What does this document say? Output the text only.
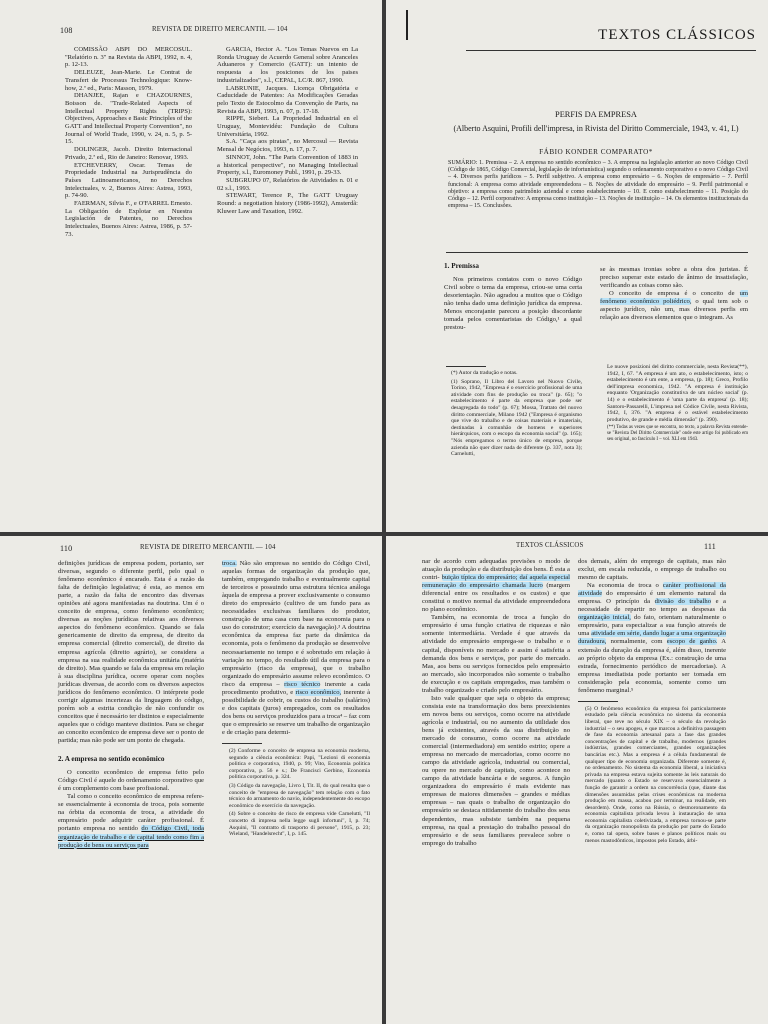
108	REVISTA DE DIREITO MERCANTIL — 104

COMISSÃO ABPI DO MERCOSUL. "Relatório n. 3" na Revista da ABPI, 1992, n. 4, p. 12-13.

DELEUZE, Jean-Marie. Le Contrat de Transfert de Processus Technologique: Know-how, 2.ª ed., Paris: Masson, 1979.

DHANJEE, Rajan e CHAZOURNES, Boisson de. "Trade-Related Aspects of Intellectual Property Rights (TRIPS): Objectives, Approaches e Basic Principles of the GATT and Intellectual Property Convention", no Journal of World Trade, 1990, v. 24, n. 5, p. 5-15.

DOLINGER, Jacob. Direito Internacional Privado, 2.ª ed., Rio de Janeiro: Renovar, 1993.

ETCHEVERRY, Oscar. Temas de Propriedade Industrial na Jurisprudência do Países Latinoamericanos, no Derechos Intelectuales, v. 2, Buenos Aires: Astrea, 1993, p. 74-90.

FAERMAN, Silvia F., e O'FARREL Ernesto. La Obligación de Explotar en Nuestra Legislación de Patentes, no Derechos Intelectuales, Buenos Aires: Astrea, 1986, p. 57-73.

GARCIA, Hector A. "Los Temas Nuevos en La Ronda Uruguay de Acuerdo General sobre Aranceles Aduaneros y Comercio (GATT): un intento de respuesta a los posiciones de los paises industrializados", s.l., CEPAL, LC/R. 867, 1990.

LABRUNIE, Jacques. Licença Obrigatória e Caducidade de Patentes: As Modificações Geradas pelo Texto de Estocolmo da Convenção de Paris, na Revista da ABPI, 1993, n. 07, p. 17-18.

RIPPE, Siebert. La Propriedad Industrial en el Uruguay, Montevidéu: Fundação de Cultura Universitária, 1992.

S.A. "Caça aos piratas", no Mercosul — Revista Mensal de Negócios, 1993, n. 17, p. 7.

SINNOT, John. "The Paris Convention of 1883 in a historical perspective", no Managing Intellectual Property, s.l., Euromoney Publ., 1991, p. 29-33.

SUBGRUPO 07, Relatórios de Atividades n. 01 e 02 s.l., 1993.

STEWART, Terence P., The GATT Uruguay Round: a negotiation history (1986-1992), Amsterdã: Kluwer Law and Taxation, 1992.

TEXTOS CLÁSSICOS
PERFIS DA EMPRESA
(Alberto Asquini, Profili dell'impresa, in Rivista del Diritto Commerciale, 1943, v. 41, I.)
FÁBIO KONDER COMPARATO*
SUMÁRIO: 1. Premissa – 2. A empresa no sentido econômico – 3. A empresa na legislação anterior ao novo Código Civil (Código de 1865, Código Comercial, legislação de infortunística) segundo o ordenamento corporativo e o novo Código Civil – 4. Diversos perfis jurídicos – 5. Perfil subjetivo. A empresa como empresário – 6. Noções de empresário – 7. Perfil funcional: A empresa como atividade empreendedora – 8. Noções de atividade do empresário – 9. Perfil patrimonial e objetivo: a empresa como patrimônio aziendal e como estabelecimento – 10. E como estabelecimento – 11. Posição do Código – 12. Perfil corporativo: A empresa como instituição – 13. Noções de instituição – 14. Os elementos institucionais da empresa – 15. Conclusões.
1. Premissa

Nos primeiros contatos com o novo Código Civil sobre o tema da empresa, criou-se uma certa desorientação. Não agradou a muitos que o Código não tenha dado uma definição jurídica da empresa. Menos encorajante pareceu a posição discordante tomada pelos comentaristas do Código,¹ a qual prestou-

se às mesmas ironias sobre a obra dos juristas. É preciso superar este estado de ânimo de insatisfação, verificando as coisas como são.

O conceito de empresa é o conceito de um fenômeno econômico poliédrico, o qual tem sob o aspecto jurídico, não um, mas diversos perfis em relação aos diversos elementos que o integram. As

(*) Autor da tradução e notas.

(1) Soprano, Il Libro del Lavoro nel Nuovo Civile, Torino, 1942, "Empresa é o exercício profissional de uma atividade com fins de produção ou troca" (p. 65); "o estabelecimento é parte da empresa que pode ser desagregada do todo" (p. 67); Mossa, Trattato del nuovo diritto commerciale, Milano 1942 ("Empresa é organismo que vive do trabalho e de coisas materiais e imateriais, destinadas à comunhão de homens e superiores hierárquicos, com o escopo da economia social" (p. 165); "Nós empregamos o termo único de empresa, porque azienda não quer dizer nada de diferente (p. 337, nota 3); Carnelutti,

Le nuove posizioni del diritto commerciale, nesta Revista(**), 1942, I, 67. "A empresa é um ato, o estabelecimento, isto; o estabelecimento é um ente, a empresa, (p. 18); Greco, Profilo dell'impresa economica, 1942. "A empresa é instituição enquanto 'Organização constitutiva de um núcleo social' (p. 14) e o estabelecimento é 'uma parte da empresa' (p. 18); Santoro-Passarelli, L'impresa nel Códice Civile, nesta Rivista, 1942, I, 376. "A empresa é o estável estabelecimento produtivo, de grande e média dimensão" (p. 390).

(**) Todas as vezes que se encontra, no texto, a palavra Revista entende-se "Revista Del Diritto Commerciale" onde este artigo foi publicado em seu original, no fascículo I – vol. XLI em 1943.

110	REVISTA DE DIREITO MERCANTIL — 104

definições jurídicas de empresa podem, portanto, ser diversas, segundo o diferente perfil, pelo qual o fenômeno econômico é encarado. Esta é a razão da falta de definição legislativa; é esta, ao menos em parte, a razão da falta de encontro das diversas opiniões até agora manifestadas na doutrina. Um é o conceito de empresa, como fenômeno econômico; diversas as noções jurídicas relativas aos diversos aspectos do fenômeno econômico. Quando se fala genericamente de direito da empresa, de direito da empresa comercial (direito comercial), de direito da empresa agrícola (direito agrário), se considera a empresa na sua realidade econômica unitária (matéria de direito). Mas quando se fala da empresa em relação à sua disciplina jurídica, ocorre operar com noções jurídicas diversas, de acordo com os diversos aspectos jurídicos do fenômeno econômico. O intérprete pode corrigir algumas incertezas da linguagem do código, porém sob a estrita condição de não confundir os conceitos que é necessário ter distintos e especialmente aqueles que o código manteve distintos. Para se chegar ao conceito econômico de empresa deve ser o ponto de partida; mas não pode ser um ponto de chegada.

2. A empresa no sentido econômico

O conceito econômico de empresa feito pelo Código Civil é aquele do ordenamento corporativo que é um complemento com base profissional.

Tal como o conceito econômico de empresa refere-se essencialmente à economia de troca, pois somente na órbita da economia de troca, a atividade do empresário pode adquirir caráter profissional. É portanto empresa no sentido do Código Civil, toda organização de trabalho e de capital tendo como fim a produção de bens ou serviços para

troca. Não são empresas no sentido do Código Civil, aquelas formas de organização da produção que, também, empregando trabalho e eventualmente capital de terceiros e possuindo uma estrutura técnica análoga àquela de empresa a prover exclusivamente o consumo direto do empresário (cultivo de um fundo para as necessidades exclusivas familiares do produtor, construção de uma casa com base na economia para o uso do construtor; exercício da navegação).³ A doutrina econômica da empresa faz parte da dinâmica da economia, pois o fenômeno da produção se desenvolve necessariamente no tempo e é sobretudo em relação à variação no tempo, do resultado útil da empresa para o empresário (risco da empresa), que o trabalho organizado do empresário assume relevo econômico. O risco da empresa – risco técnico inerente a cada procedimento produtivo, e risco econômico, inerente à possibilidade de cobrir, os custos do trabalho (salários) e dos capitais (juros) empregados, com os resultados dos bens ou serviços produzidos para a troca⁴ – faz com que o empresário se reserve um trabalho de organização e de criação para determi-

(2) Conforme o conceito de empresa na economia moderna, segundo a ciência econômica: Papi, "Lezioni di economia politica e corporativa, 1940, p. 99; Vito, Economia politica corporativa, p. 56 e s.; De Francisci Gerbino, Economia politica corporativa, p. 324.

(3) Código da navegação, Livro I, Tit. II, do qual resulta que o conceito de "empresa de navegação" tem relação com o fato técnico do armamento do navio, independentemente do escopo econômico do exercício da navegação.

(4) Sobre o conceito de risco de empresa vide Carnelutti, "Il concetto di impresa nella legge sugli infortuni", I, p. 74; Asquini, "Il contratto di trasporto di persone", 1915, p. 23; Wieland, "Handelsrecht", I, p. 145.

TEXTOS CLÁSSICOS	111

nar de acordo com adequadas previsões o modo de atuação da produção e da distribuição dos bens. É esta a contri- buição típica do empresário; daí aquela especial remuneração do empresário chamada lucro (margem diferencial entre os resultados e os custos) e que constitui o motivo normal da atividade empreendedora no plano econômico.

Também, na economia de troca a função do empresário é uma função criativa de riquezas e não somente intermediária. Verdade é que através da atividade do empresário emprega-se o trabalho e o capital, disponíveis no mercado e assim é satisfeita a demanda dos bens e serviços, por parte do mercado. Mas, aos bens ou serviços fornecidos pelo empresário ao mercado, são incorporados não somente o trabalho de execução e os capitais empregados, mas também o trabalho organizado e criado pelo empresário.

Isto vale qualquer que seja o objeto da empresa; consista este na transformação dos bens preexistentes em novos bens ou serviços, como ocorre na atividade agrícola e industrial, ou no aumento da utilidade dos bens já existentes, através da sua distribuição no mercado de consumo, como ocorre na atividade comercial (intermediadora) em sentido estrito; opere a empresa no mercado de mercadorias, como ocorre no campo da atividade agrícola, industrial ou comercial, ou opere no mercado de capitais, como acontece no campo da atividade bancária e de seguros. A função organizadora do empresário é mais evidente nas empresas de maiores dimensões – grandes e médias empresas – nas quais o trabalho de organização do empresário se destaca nitidamente do trabalho dos seus dependentes, mas subsiste também na pequena empresa, na qual a prestação do trabalho pessoal do empresário e de seus familiares prevalece sobre o emprego do trabalho

dos demais, além do emprego de capitais, mas não exclui, em escala reduzida, o emprego de trabalho ou mesmo de capitais.

Na economia de troca o caráter profissional da atividade do empresário é um elemento natural da empresa. O princípio da divisão do trabalho e a necessidade de repartir no tempo as despesas da organização inicial, do fato, orientam naturalmente o empresário, para especializar a sua função através de uma atividade em série, dando lugar a uma organização duradoura, normalmente, com escopo de ganho. A extensão da duração da empresa é, além disso, inerente ao próprio objeto da empresa (Ex.: construção de uma estrada, fornecimento periódico de mercadorias). A empresa imediatista pode portanto ser tomada em consideração pela economia, somente como um fenômeno marginal.⁵

(5) O fenômeno econômico da empresa foi particularmente estudado pela ciência econômica no sistema da economia liberal, que teve no século XIX – o século da revolução industrial – o seu apogeu, e que marcou a definitiva passagem de fase da economia artesanal para a fase das grandes concentrações de capital e de trabalho, modernos (grandes indústrias, grandes comerciantes, grandes organizações bancárias etc.). Mas a empresa é a célula fundamental de qualquer tipo de economia organizada. Diferente somente é, no ordenamento. No sistema da economia liberal, a iniciativa privada na empresa estava sujeita somente às leis naturais do mercado (quanto o Estado se reservava essencialmente a função de garantir a ordem na concorrência (que, diante das dimensões assumidas pelas crises econômicas na moderna produção em massa, acabou por terminar, na realidade, em desordem). Onde, como na Rússia, o desmoronamento da economia capitalista privada levou à instauração de uma economia capitalista coletivizada, a empresa tornou-se parte da organização monopolista da produção por parte do Estado e, como tal opera, sobre bases e planos políticos mais ou menos mastodônticos, impostos pelo Estado, árbi-
